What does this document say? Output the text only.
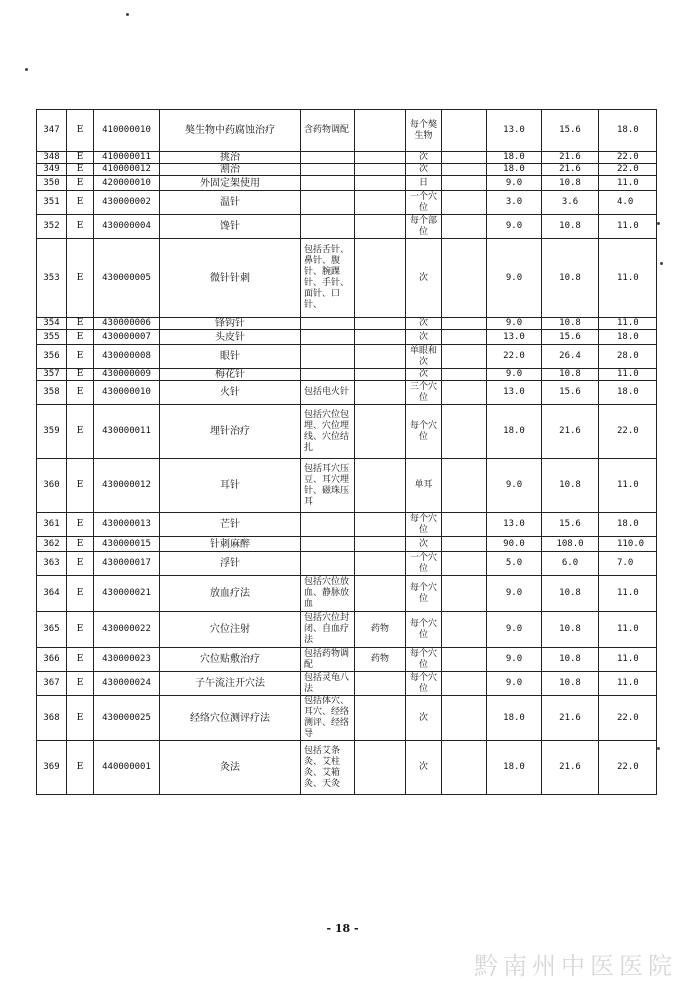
347	E	410000010	獒生物中药腐蚀治疗	含药物调配		每个獒生物		13.0	15.6	18.0
348	E	410000011	挑治			次		18.0	21.6	22.0
349	E	410000012	割治			次		18.0	21.6	22.0
350	E	420000010	外固定架使用			日		9.0	10.8	11.0
351	E	430000002	温针			一个穴位		3.0	3.6	4.0
352	E	430000004	馋针			每个部位		9.0	10.8	11.0
353	E	430000005	微针针刺	包括舌针、鼻针、腹针、腕踝针、手针、面针、口针、		次		9.0	10.8	11.0
354	E	430000006	锋钩针			次		9.0	10.8	11.0
355	E	430000007	头皮针			次		13.0	15.6	18.0
356	E	430000008	眼针			单眼和次		22.0	26.4	28.0
357	E	430000009	梅花针			次		9.0	10.8	11.0
358	E	430000010	火针	包括电火针		三个穴位		13.0	15.6	18.0
359	E	430000011	埋针治疗	包括穴位包埋、穴位埋线、穴位结扎		每个穴位		18.0	21.6	22.0
360	E	430000012	耳针	包括耳穴压豆、耳穴埋针、磁珠压耳		单耳		9.0	10.8	11.0
361	E	430000013	芒针			每个穴位		13.0	15.6	18.0
362	E	430000015	针刺麻醉			次		90.0	108.0	110.0
363	E	430000017	浮针			一个穴位		5.0	6.0	7.0
364	E	430000021	放血疗法	包括穴位放血、静脉放血		每个穴位		9.0	10.8	11.0
365	E	430000022	穴位注射	包括穴位封闭、自血疗法	药物	每个穴位		9.0	10.8	11.0
366	E	430000023	穴位贴敷治疗	包括药物调配	药物	每个穴位		9.0	10.8	11.0
367	E	430000024	子午流注开穴法	包括灵龟八法		每个穴位		9.0	10.8	11.0
368	E	430000025	经络穴位测评疗法	包括体穴、耳穴、经络测评、经络导		次		18.0	21.6	22.0
369	E	440000001	灸法	包括艾条灸、艾柱灸、艾箱灸、天灸		次		18.0	21.6	22.0
- 18 -
黔南州中医医院
